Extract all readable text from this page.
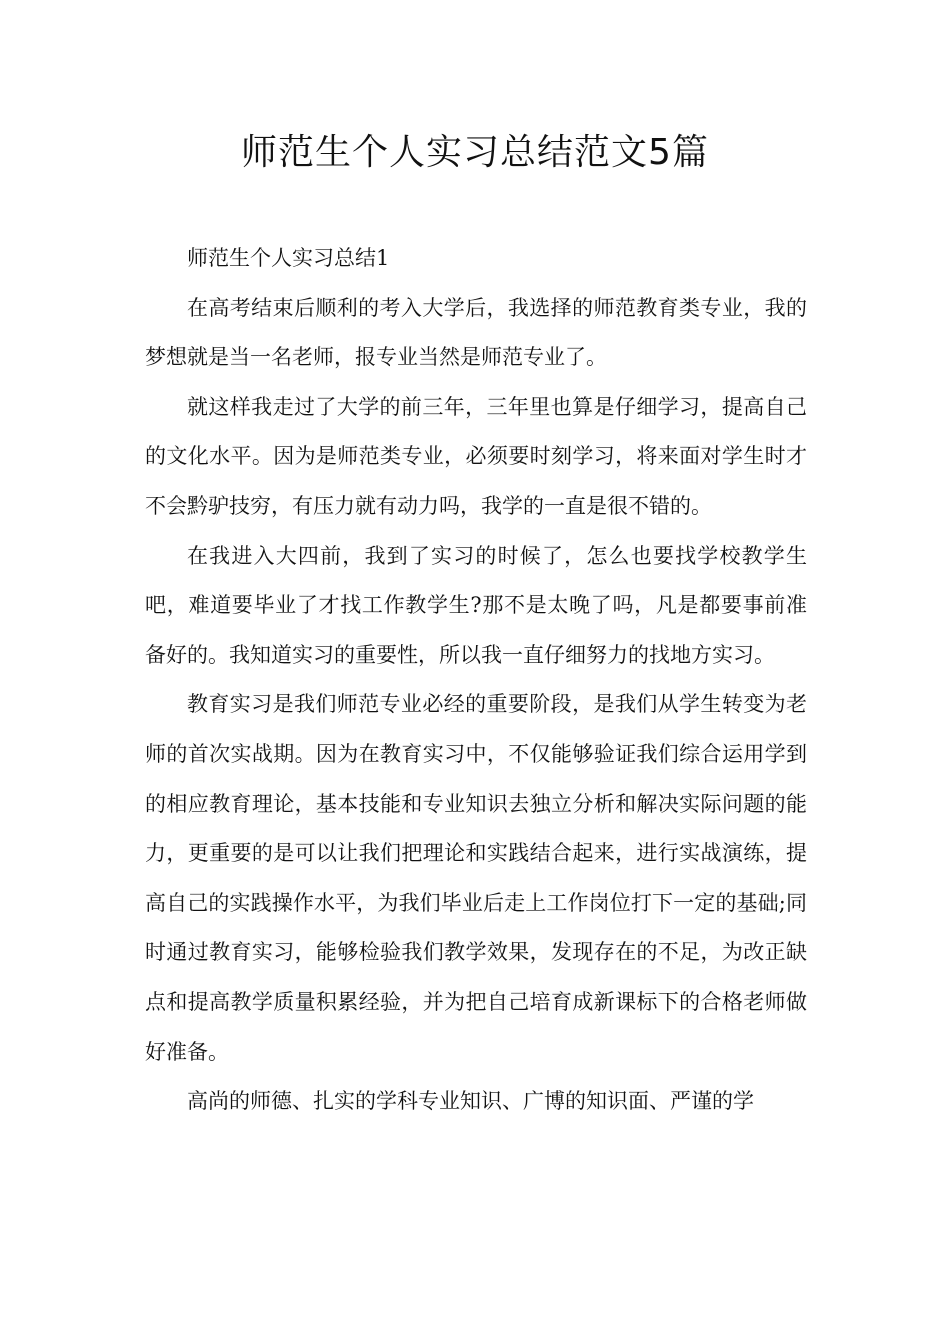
师范生个人实习总结范文5篇

师范生个人实习总结1

在高考结束后顺利的考入大学后，我选择的师范教育类专业，我的梦想就是当一名老师，报专业当然是师范专业了。

就这样我走过了大学的前三年，三年里也算是仔细学习，提高自己的文化水平。因为是师范类专业，必须要时刻学习，将来面对学生时才不会黔驴技穷，有压力就有动力吗，我学的一直是很不错的。

在我进入大四前，我到了实习的时候了，怎么也要找学校教学生吧，难道要毕业了才找工作教学生?那不是太晚了吗，凡是都要事前准备好的。我知道实习的重要性，所以我一直仔细努力的找地方实习。

教育实习是我们师范专业必经的重要阶段，是我们从学生转变为老师的首次实战期。因为在教育实习中，不仅能够验证我们综合运用学到的相应教育理论，基本技能和专业知识去独立分析和解决实际问题的能力，更重要的是可以让我们把理论和实践结合起来，进行实战演练，提高自己的实践操作水平，为我们毕业后走上工作岗位打下一定的基础;同时通过教育实习，能够检验我们教学效果，发现存在的不足，为改正缺点和提高教学质量积累经验，并为把自己培育成新课标下的合格老师做好准备。

高尚的师德、扎实的学科专业知识、广博的知识面、严谨的学
